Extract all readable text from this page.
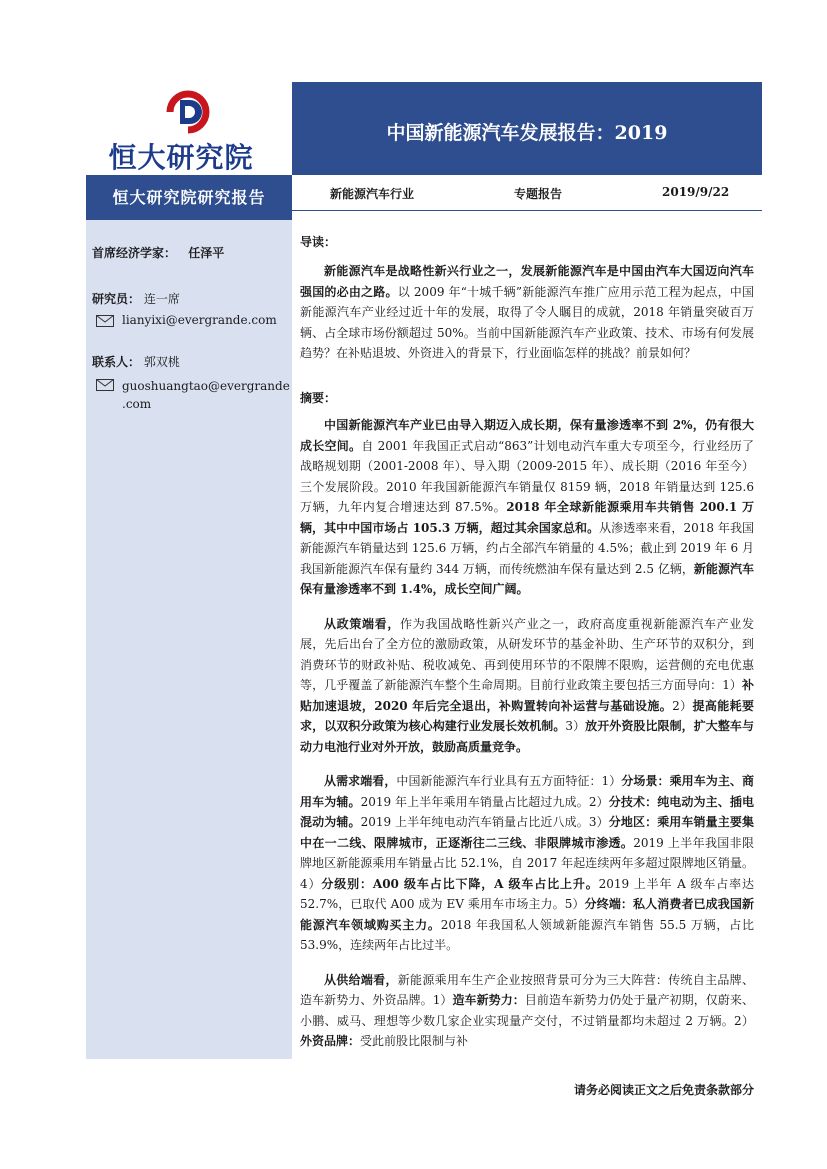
恒大研究院
中国新能源汽车发展报告：2019
恒大研究院研究报告
首席经济学家： 任泽平
研究员： 连一席
lianyixi@evergrande.com
联系人： 郭双桃
guoshuangtao@evergrande
.com
新能源汽车行业	专题报告	2019/9/22
导读：

新能源汽车是战略性新兴行业之一，发展新能源汽车是中国由汽车大国迈向汽车强国的必由之路。以 2009 年“十城千辆”新能源汽车推广应用示范工程为起点，中国新能源汽车产业经过近十年的发展，取得了令人瞩目的成就，2018 年销量突破百万辆、占全球市场份额超过 50%。当前中国新能源汽车产业政策、技术、市场有何发展趋势？在补贴退坡、外资进入的背景下，行业面临怎样的挑战？前景如何？

摘要：

中国新能源汽车产业已由导入期迈入成长期，保有量渗透率不到 2%，仍有很大成长空间。自 2001 年我国正式启动“863”计划电动汽车重大专项至今，行业经历了战略规划期（2001-2008 年）、导入期（2009-2015 年）、成长期（2016 年至今）三个发展阶段。2010 年我国新能源汽车销量仅 8159 辆，2018 年销量达到 125.6 万辆，九年内复合增速达到 87.5%。2018 年全球新能源乘用车共销售 200.1 万辆，其中中国市场占 105.3 万辆，超过其余国家总和。从渗透率来看，2018 年我国新能源汽车销量达到 125.6 万辆，约占全部汽车销量的 4.5%；截止到 2019 年 6 月我国新能源汽车保有量约 344 万辆，而传统燃油车保有量达到 2.5 亿辆，新能源汽车保有量渗透率不到 1.4%，成长空间广阔。

从政策端看，作为我国战略性新兴产业之一，政府高度重视新能源汽车产业发展，先后出台了全方位的激励政策，从研发环节的基金补助、生产环节的双积分，到消费环节的财政补贴、税收减免、再到使用环节的不限牌不限购，运营侧的充电优惠等，几乎覆盖了新能源汽车整个生命周期。目前行业政策主要包括三方面导向：1）补贴加速退坡，2020 年后完全退出，补购置转向补运营与基础设施。2）提高能耗要求，以双积分政策为核心构建行业发展长效机制。3）放开外资股比限制，扩大整车与动力电池行业对外开放，鼓励高质量竞争。

从需求端看，中国新能源汽车行业具有五方面特征：1）分场景：乘用车为主、商用车为辅。2019 年上半年乘用车销量占比超过九成。2）分技术：纯电动为主、插电混动为辅。2019 上半年纯电动汽车销量占比近八成。3）分地区：乘用车销量主要集中在一二线、限牌城市，正逐渐往二三线、非限牌城市渗透。2019 上半年我国非限牌地区新能源乘用车销量占比 52.1%，自 2017 年起连续两年多超过限牌地区销量。4）分级别：A00 级车占比下降，A 级车占比上升。2019 上半年 A 级车占率达 52.7%，已取代 A00 成为 EV 乘用车市场主力。5）分终端：私人消费者已成我国新能源汽车领域购买主力。2018 年我国私人领域新能源汽车销售 55.5 万辆，占比 53.9%，连续两年占比过半。

从供给端看，新能源乘用车生产企业按照背景可分为三大阵营：传统自主品牌、造车新势力、外资品牌。1）造车新势力：目前造车新势力仍处于量产初期，仅蔚来、小鹏、威马、理想等少数几家企业实现量产交付，不过销量都均未超过 2 万辆。2）外资品牌：受此前股比限制与补

请务必阅读正文之后免责条款部分
